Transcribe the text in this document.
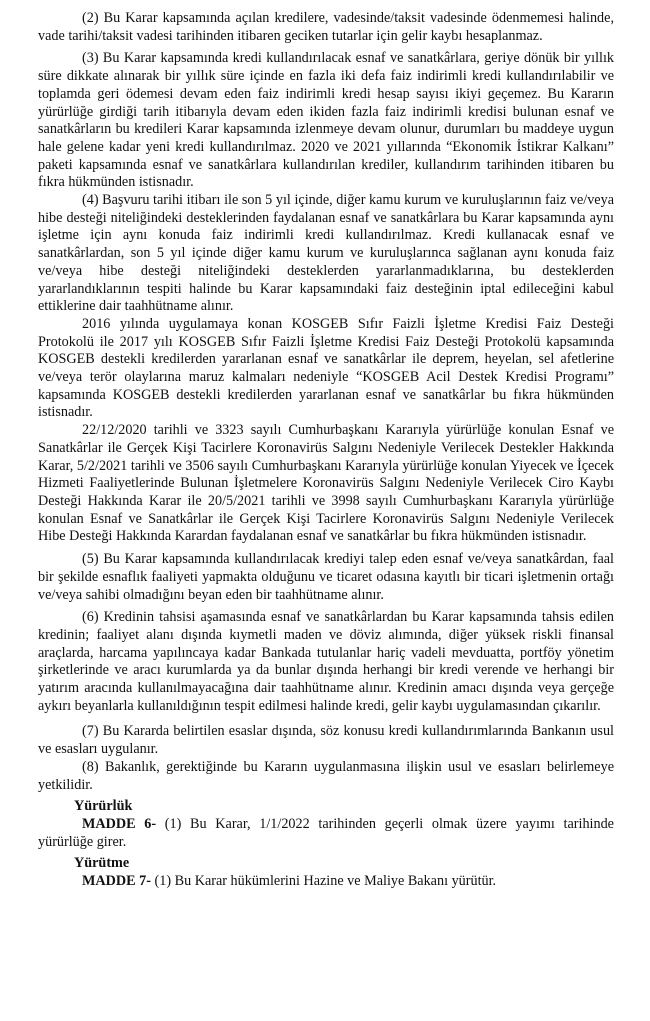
(2) Bu Karar kapsamında açılan kredilere, vadesinde/taksit vadesinde ödenmemesi halinde, vade tarihi/taksit vadesi tarihinden itibaren geciken tutarlar için gelir kaybı hesaplanmaz.

(3) Bu Karar kapsamında kredi kullandırılacak esnaf ve sanatkârlara, geriye dönük bir yıllık süre dikkate alınarak bir yıllık süre içinde en fazla iki defa faiz indirimli kredi kullandırılabilir ve toplamda geri ödemesi devam eden faiz indirimli kredi hesap sayısı ikiyi geçemez. Bu Kararın yürürlüğe girdiği tarih itibarıyla devam eden ikiden fazla faiz indirimli kredisi bulunan esnaf ve sanatkârların bu kredileri Karar kapsamında izlenmeye devam olunur, durumları bu maddeye uygun hale gelene kadar yeni kredi kullandırılmaz. 2020 ve 2021 yıllarında “Ekonomik İstikrar Kalkanı” paketi kapsamında esnaf ve sanatkârlara kullandırılan krediler, kullandırım tarihinden itibaren bu fıkra hükmünden istisnadır.

(4) Başvuru tarihi itibarı ile son 5 yıl içinde, diğer kamu kurum ve kuruluşlarının faiz ve/veya hibe desteği niteliğindeki desteklerinden faydalanan esnaf ve sanatkârlara bu Karar kapsamında aynı işletme için aynı konuda faiz indirimli kredi kullandırılmaz. Kredi kullanacak esnaf ve sanatkârlardan, son 5 yıl içinde diğer kamu kurum ve kuruluşlarınca sağlanan aynı konuda faiz ve/veya hibe desteği niteliğindeki desteklerden yararlanmadıklarına, bu desteklerden yararlandıklarının tespiti halinde bu Karar kapsamındaki faiz desteğinin iptal edileceğini kabul ettiklerine dair taahhütname alınır.

2016 yılında uygulamaya konan KOSGEB Sıfır Faizli İşletme Kredisi Faiz Desteği Protokolü ile 2017 yılı KOSGEB Sıfır Faizli İşletme Kredisi Faiz Desteği Protokolü kapsamında KOSGEB destekli kredilerden yararlanan esnaf ve sanatkârlar ile deprem, heyelan, sel afetlerine ve/veya terör olaylarına maruz kalmaları nedeniyle “KOSGEB Acil Destek Kredisi Programı” kapsamında KOSGEB destekli kredilerden yararlanan esnaf ve sanatkârlar bu fıkra hükmünden istisnadır.

22/12/2020 tarihli ve 3323 sayılı Cumhurbaşkanı Kararıyla yürürlüğe konulan Esnaf ve Sanatkârlar ile Gerçek Kişi Tacirlere Koronavirüs Salgını Nedeniyle Verilecek Destekler Hakkında Karar, 5/2/2021 tarihli ve 3506 sayılı Cumhurbaşkanı Kararıyla yürürlüğe konulan Yiyecek ve İçecek Hizmeti Faaliyetlerinde Bulunan İşletmelere Koronavirüs Salgını Nedeniyle Verilecek Ciro Kaybı Desteği Hakkında Karar ile 20/5/2021 tarihli ve 3998 sayılı Cumhurbaşkanı Kararıyla yürürlüğe konulan Esnaf ve Sanatkârlar ile Gerçek Kişi Tacirlere Koronavirüs Salgını Nedeniyle Verilecek Hibe Desteği Hakkında Karardan faydalanan esnaf ve sanatkârlar bu fıkra hükmünden istisnadır.

(5) Bu Karar kapsamında kullandırılacak krediyi talep eden esnaf ve/veya sanatkârdan, faal bir şekilde esnaflık faaliyeti yapmakta olduğunu ve ticaret odasına kayıtlı bir ticari işletmenin ortağı ve/veya sahibi olmadığını beyan eden bir taahhütname alınır.

(6) Kredinin tahsisi aşamasında esnaf ve sanatkârlardan bu Karar kapsamında tahsis edilen kredinin; faaliyet alanı dışında kıymetli maden ve döviz alımında, diğer yüksek riskli finansal araçlarda, harcama yapılıncaya kadar Bankada tutulanlar hariç vadeli mevduatta, portföy yönetim şirketlerinde ve aracı kurumlarda ya da bunlar dışında herhangi bir kredi verende ve herhangi bir yatırım aracında kullanılmayacağına dair taahhütname alınır. Kredinin amacı dışında veya gerçeğe aykırı beyanlarla kullanıldığının tespit edilmesi halinde kredi, gelir kaybı uygulamasından çıkarılır.

(7) Bu Kararda belirtilen esaslar dışında, söz konusu kredi kullandırımlarında Bankanın usul ve esasları uygulanır.

(8) Bakanlık, gerektiğinde bu Kararın uygulanmasına ilişkin usul ve esasları belirlemeye yetkilidir.

Yürürlük

MADDE 6- (1) Bu Karar, 1/1/2022 tarihinden geçerli olmak üzere yayımı tarihinde yürürlüğe girer.

Yürütme

MADDE 7- (1) Bu Karar hükümlerini Hazine ve Maliye Bakanı yürütür.
